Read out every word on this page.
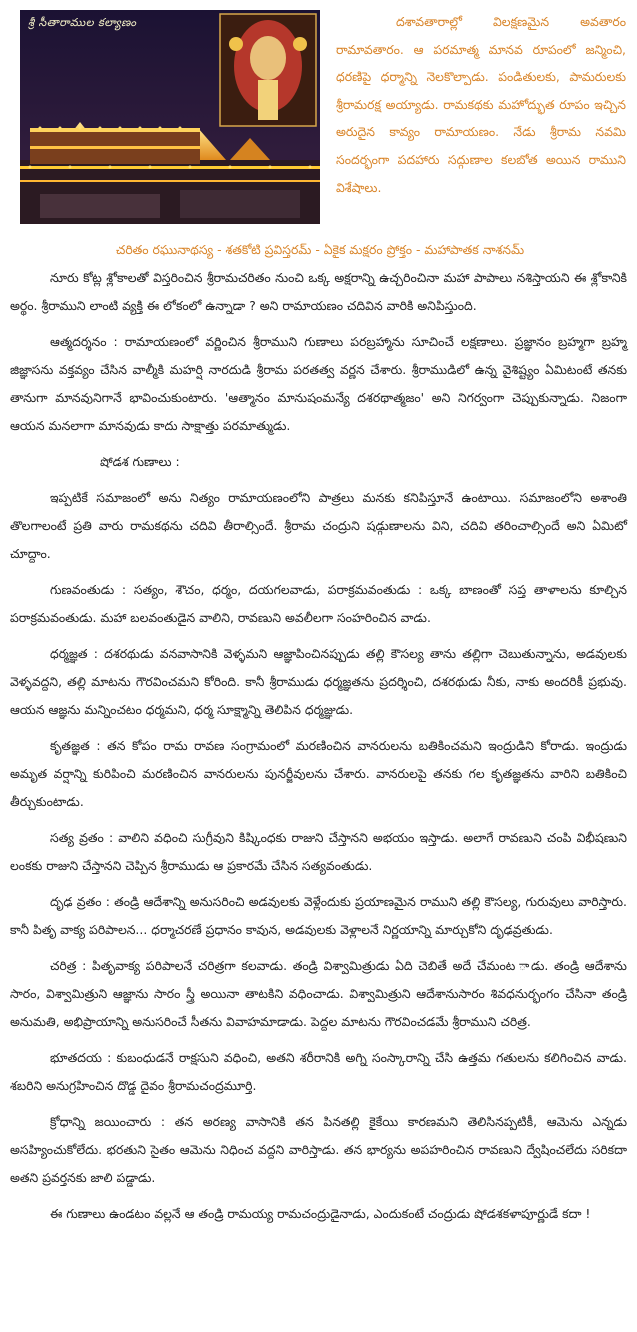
శ్రీ సీతారాముల కల్యాణం	దశావతారాల్లో విలక్షణమైన అవతారం రామావతారం. ఆ పరమాత్మ మానవ రూపంలో జన్మించి, ధరణిపై ధర్మాన్ని నెలకొల్పాడు. పండితులకు, పామరులకు శ్రీరామరక్ష అయ్యాడు. రామకథకు మహోద్భుత రూపం ఇచ్చిన అరుదైన కావ్యం రామాయణం. నేడు శ్రీరామ నవమి సందర్భంగా పదహారు సద్గుణాల కలబోత అయిన రాముని విశేషాలు.
చరితం రఘునాథస్య - శతకోటి ప్రవిస్తరమ్ - ఏకైక మక్షరం ప్రోక్తం - మహాపాతక నాశనమ్

నూరు కోట్ల శ్లోకాలతో విస్తరించిన శ్రీరామచరితం నుంచి ఒక్క అక్షరాన్ని ఉచ్చరించినా మహా పాపాలు నశిస్తాయని ఈ శ్లోకానికి అర్థం. శ్రీరాముని లాంటి వ్యక్తి ఈ లోకంలో ఉన్నాడా ? అని రామాయణం చదివిన వారికి అనిపిస్తుంది.

ఆత్మదర్శనం : రామాయణంలో వర్ణించిన శ్రీరాముని గుణాలు పరబ్రహ్మాను సూచించే లక్షణాలు. ప్రజ్ఞానం బ్రహ్మగా బ్రహ్మ జిజ్ఞాసను వక్తవ్యం చేసిన వాల్మీకి మహర్షి నారదుడి శ్రీరామ పరతత్వ వర్ణన చేశారు. శ్రీరాముడిలో ఉన్న వైశిష్ట్యం ఏమిటంటే తనకు తానుగా మానవునిగానే భావించుకుంటారు. 'ఆత్మానం మానుషంమన్యే దశరథాత్మజం' అని నిగర్వంగా చెప్పుకున్నాడు. నిజంగా ఆయన మనలాగా మానవుడు కాదు సాక్షాత్తు పరమాత్ముడు.

షోడశ గుణాలు :

ఇప్పటికే సమాజంలో అను నిత్యం రామాయణంలోని పాత్రలు మనకు కనిపిస్తూనే ఉంటాయి. సమాజంలోని అశాంతి తొలగాలంటే ప్రతి వారు రామకథను చదివి తీరాల్సిందే. శ్రీరామ చంద్రుని షడ్గుణాలను విని, చదివి తరించాల్సిందే అని ఏమిటో చూద్దాం.

గుణవంతుడు : సత్యం, శౌచం, ధర్మం, దయగలవాడు, పరాక్రమవంతుడు : ఒక్క బాణంతో సప్త తాళాలను కూల్చిన పరాక్రమవంతుడు. మహా బలవంతుడైన వాలిని, రావణుని అవలీలగా సంహరించిన వాడు.

ధర్మజ్ఞత : దశరథుడు వనవాసానికి వెళ్ళమని ఆజ్ఞాపించినప్పుడు తల్లి కౌసల్య తాను తల్లిగా చెబుతున్నాను, అడవులకు వెళ్ళవద్దని, తల్లి మాటను గౌరవించమని కోరింది. కానీ శ్రీరాముడు ధర్మజ్ఞతను ప్రదర్శించి, దశరథుడు నీకు, నాకు అందరికీ ప్రభువు. ఆయన ఆజ్ఞను మన్నించటం ధర్మమని, ధర్మ సూక్ష్మాన్ని తెలిపిన ధర్మజ్ఞుడు.

కృతజ్ఞత : తన కోపం రామ రావణ సంగ్రామంలో మరణించిన వానరులను బతికించమని ఇంద్రుడిని కోరాడు. ఇంద్రుడు అమృత వర్షాన్ని కురిపించి మరణించిన వానరులను పునర్జీవులను చేశారు. వానరులపై తనకు గల కృతజ్ఞతను వారిని బతికించి తీర్చుకుంటాడు.

సత్య వ్రతం : వాలిని వధించి సుగ్రీవుని కిష్కింధకు రాజుని చేస్తానని అభయం ఇస్తాడు. అలాగే రావణుని చంపి విభీషణుని లంకకు రాజుని చేస్తానని చెప్పిన శ్రీరాముడు ఆ ప్రకారమే చేసిన సత్యవంతుడు.

దృఢ వ్రతం : తండ్రి ఆదేశాన్ని అనుసరించి అడవులకు వెళ్లేందుకు ప్రయాణమైన రాముని తల్లి కౌసల్య, గురువులు వారిస్తారు. కానీ పితృ వాక్య పరిపాలన... ధర్మాచరణే ప్రధానం కావున, అడవులకు వెళ్లాలనే నిర్ణయాన్ని మార్చుకోని దృఢవ్రతుడు.

చరిత్ర : పితృవాక్య పరిపాలనే చరిత్రగా కలవాడు. తండ్రి విశ్వామిత్రుడు ఏది చెబితే అదే చేమంట ాడు. తండ్రి ఆదేశాను సారం, విశ్వామిత్రుని ఆజ్ఞాను సారం స్త్రీ అయినా తాటకిని వధించాడు. విశ్వామిత్రుని ఆదేశానుసారం శివధనుర్భంగం చేసినా తండ్రి అనుమతి, అభిప్రాయాన్ని అనుసరించే సీతను వివాహమాడాడు. పెద్దల మాటను గౌరవించడమే శ్రీరాముని చరిత్ర.

భూతదయ : కుబంధుడనే రాక్షసుని వధించి, అతని శరీరానికి అగ్ని సంస్కారాన్ని చేసి ఉత్తమ గతులను కలిగించిన వాడు. శబరిని అనుగ్రహించిన దొడ్డ దైవం శ్రీరామచంద్రమూర్తి.

క్రోధాన్ని జయించారు : తన అరణ్య వాసానికి తన పినతల్లి కైకేయి కారణమని తెలిసినప్పటికీ, ఆమెను ఎన్నడు అసహ్యించుకోలేదు. భరతుని సైతం ఆమెను నిధించ వద్దని వారిస్తాడు. తన భార్యను అపహరించిన రావణుని ద్వేషించలేదు సరికదా అతని ప్రవర్తనకు జాలి పడ్డాడు.

ఈ గుణాలు ఉండటం వల్లనే ఆ తండ్రి రామయ్య రామచంద్రుడైనాడు, ఎందుకంటే చంద్రుడు షోడశకళాపూర్ణుడే కదా !
